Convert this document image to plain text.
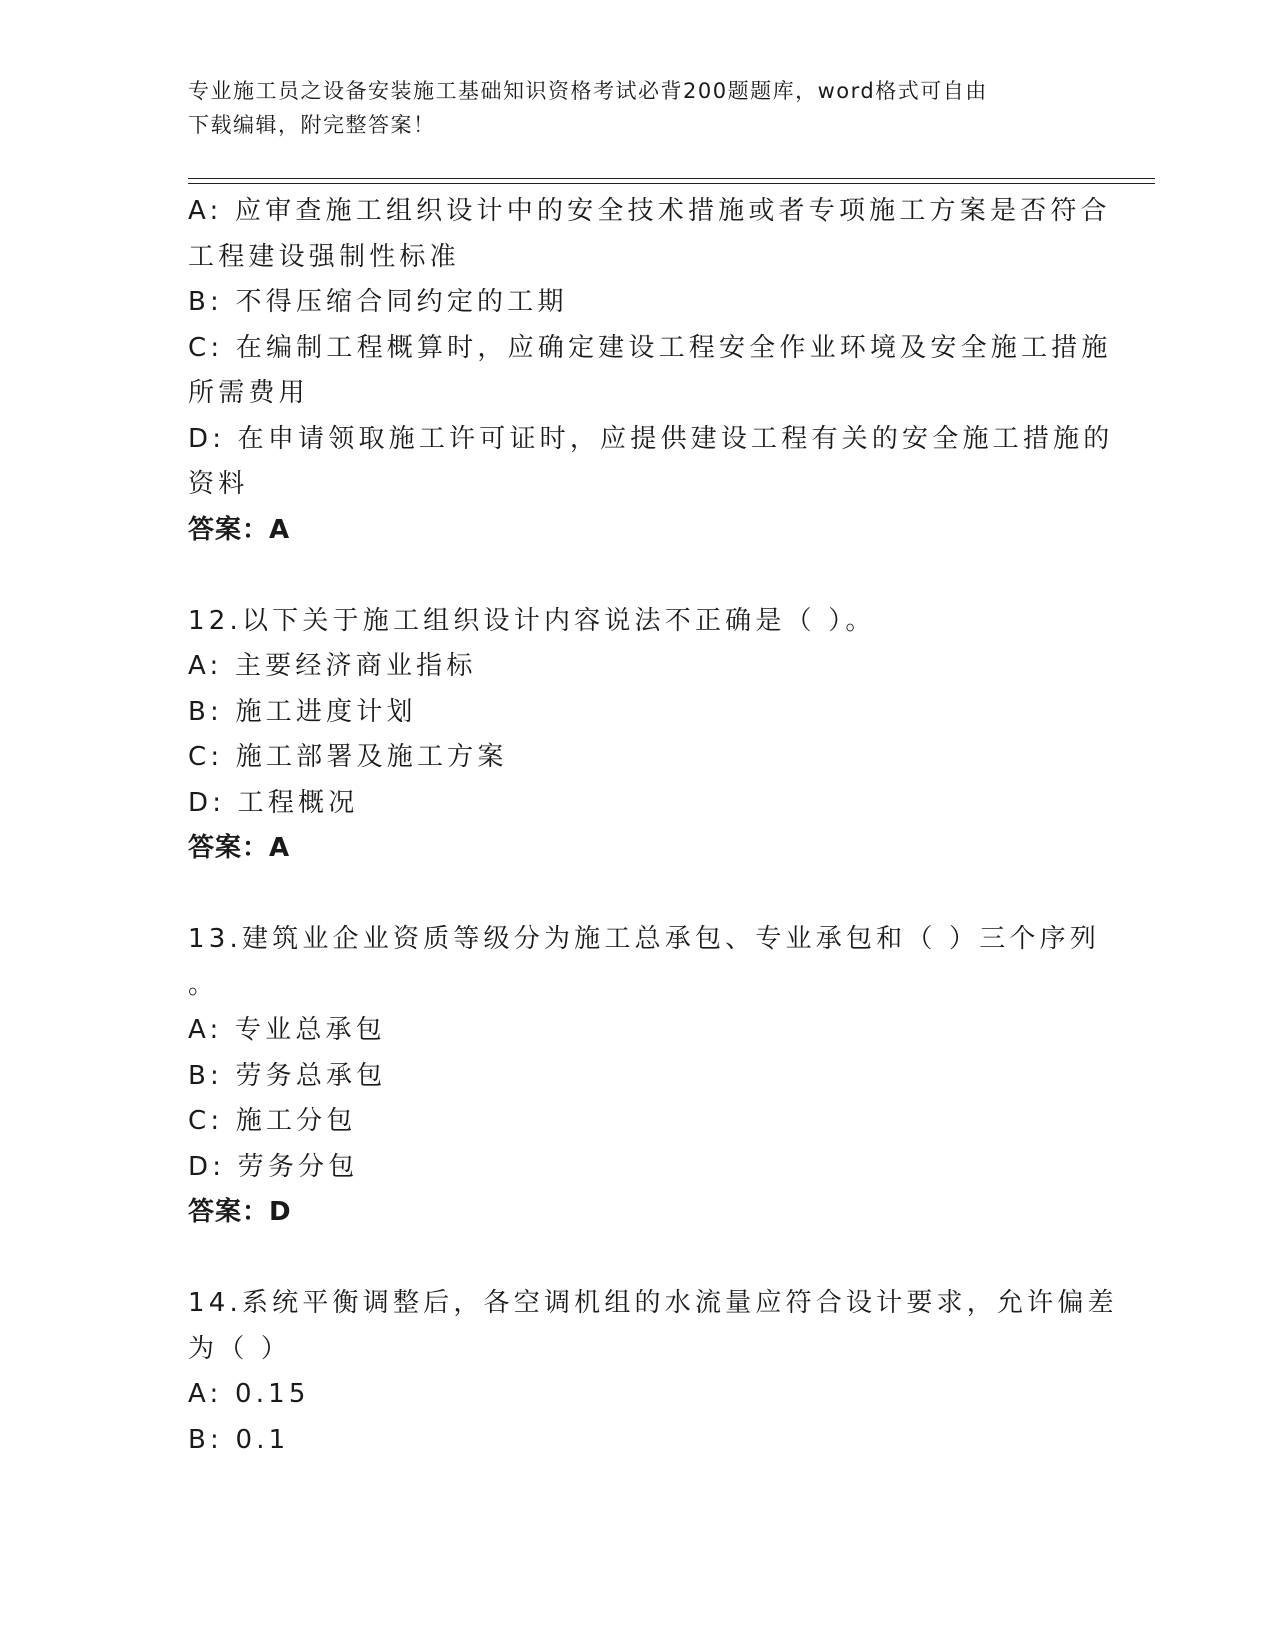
专业施工员之设备安装施工基础知识资格考试必背200题题库，word格式可自由
下载编辑，附完整答案！
A: 应审查施工组织设计中的安全技术措施或者专项施工方案是否符合
工程建设强制性标准
B: 不得压缩合同约定的工期
C: 在编制工程概算时，应确定建设工程安全作业环境及安全施工措施
所需费用
D: 在申请领取施工许可证时，应提供建设工程有关的安全施工措施的
资料
答案：A
12.以下关于施工组织设计内容说法不正确是（ ）。
A: 主要经济商业指标
B: 施工进度计划
C: 施工部署及施工方案
D: 工程概况
答案：A
13.建筑业企业资质等级分为施工总承包、专业承包和（ ）三个序列
。
A: 专业总承包
B: 劳务总承包
C: 施工分包
D: 劳务分包
答案：D
14.系统平衡调整后，各空调机组的水流量应符合设计要求，允许偏差
为（ ）
A: 0.15
B: 0.1
